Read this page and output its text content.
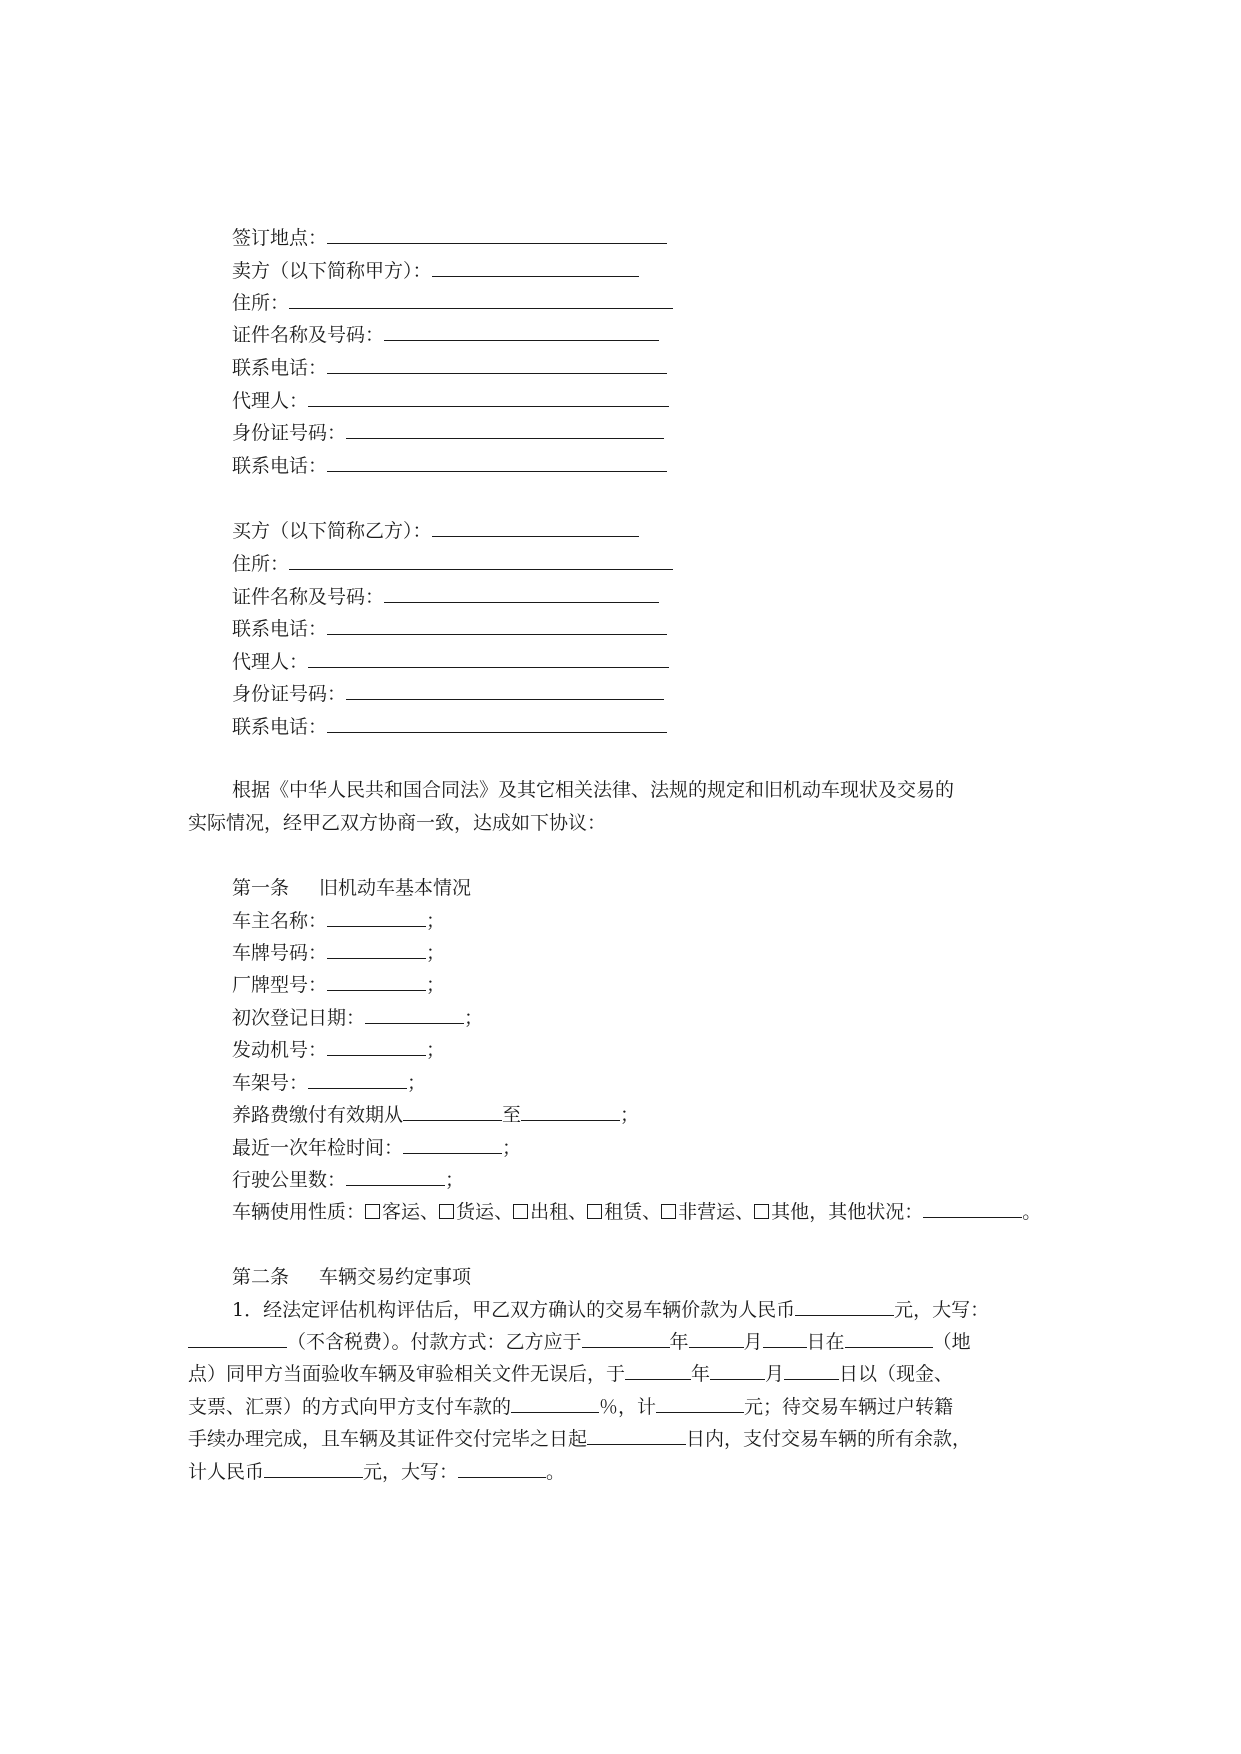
签订地点：
卖方（以下简称甲方）：
住所：
证件名称及号码：
联系电话：
代理人：
身份证号码：
联系电话：
买方（以下简称乙方）：
住所：
证件名称及号码：
联系电话：
代理人：
身份证号码：
联系电话：
根据《中华人民共和国合同法》及其它相关法律、法规的规定和旧机动车现状及交易的
实际情况，经甲乙双方协商一致，达成如下协议：
第一条 旧机动车基本情况
车主名称：	；
车牌号码：	；
厂牌型号：	；
初次登记日期：	；
发动机号：	；
车架号：	；
养路费缴付有效期从	至	；
最近一次年检时间：	；
行驶公里数：	；
车辆使用性质： 客运、 货运、 出租、 租赁、 非营运、 其他，其他状况：	。
第二条 车辆交易约定事项
1．经法定评估机构评估后，甲乙双方确认的交易车辆价款为人民币	元，大写：
（不含税费）。付款方式：乙方应于	年	月 日在	（地
点）同甲方当面验收车辆及审验相关文件无误后，于	年	月	日以（现金、
支票、汇票）的方式向甲方支付车款的	％，计	元；待交易车辆过户转籍
手续办理完成，且车辆及其证件交付完毕之日起	日内，支付交易车辆的所有余款，
计人民币	元，大写：	。
